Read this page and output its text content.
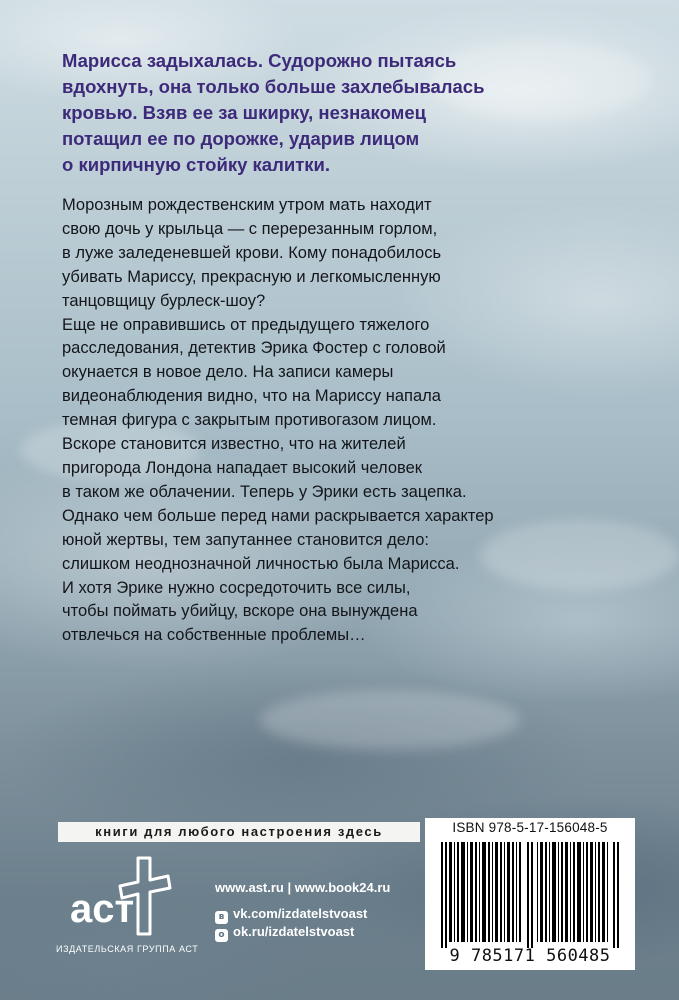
Марисса задыхалась. Судорожно пытаясь
вдохнуть, она только больше захлебывалась
кровью. Взяв ее за шкирку, незнакомец
потащил ее по дорожке, ударив лицом
о кирпичную стойку калитки.

Морозным рождественским утром мать находит
свою дочь у крыльца — с перерезанным горлом,
в луже заледеневшей крови. Кому понадобилось
убивать Мариссу, прекрасную и легкомысленную
танцовщицу бурлеск-шоу?
Еще не оправившись от предыдущего тяжелого
расследования, детектив Эрика Фостер с головой
окунается в новое дело. На записи камеры
видеонаблюдения видно, что на Мариссу напала
темная фигура с закрытым противогазом лицом.
Вскоре становится известно, что на жителей
пригорода Лондона нападает высокий человек
в таком же облачении. Теперь у Эрики есть зацепка.
Однако чем больше перед нами раскрывается характер
юной жертвы, тем запутаннее становится дело:
слишком неоднозначной личностью была Марисса.
И хотя Эрике нужно сосредоточить все силы,
чтобы поймать убийцу, вскоре она вынуждена
отвлечься на собственные проблемы…

книги для любого настроения здесь	ISBN 978-5-17-156048-5
9 785171 560485
аст
ИЗДАТЕЛЬСКАЯ ГРУППА АСТ
www.ast.ru | www.book24.ru
в vk.com/izdatelstvoast
о ok.ru/izdatelstvoast
